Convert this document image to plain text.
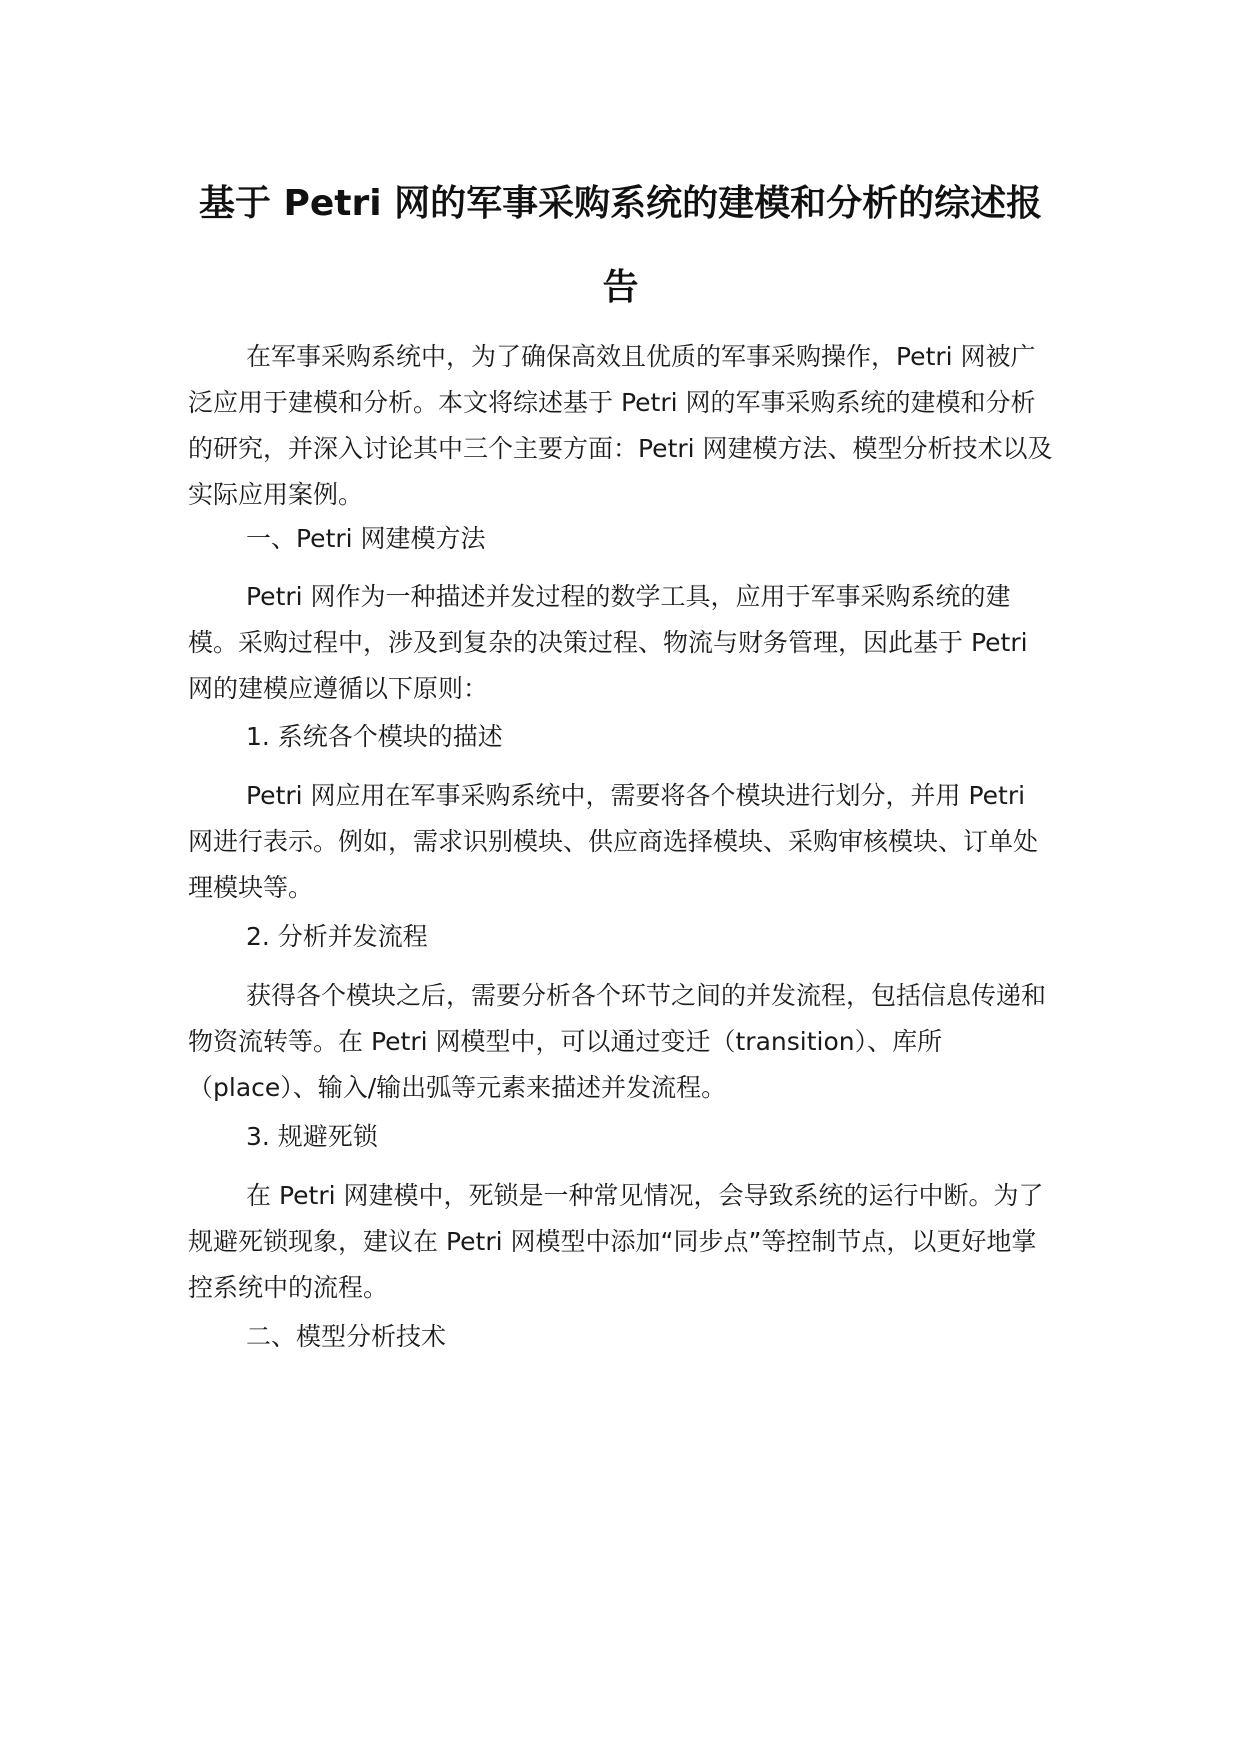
基于 Petri 网的军事采购系统的建模和分析的综述报
告

在军事采购系统中，为了确保高效且优质的军事采购操作，Petri 网被广泛应用于建模和分析。本文将综述基于 Petri 网的军事采购系统的建模和分析的研究，并深入讨论其中三个主要方面：Petri 网建模方法、模型分析技术以及实际应用案例。

一、Petri 网建模方法

Petri 网作为一种描述并发过程的数学工具，应用于军事采购系统的建模。采购过程中，涉及到复杂的决策过程、物流与财务管理，因此基于 Petri 网的建模应遵循以下原则：

1. 系统各个模块的描述

Petri 网应用在军事采购系统中，需要将各个模块进行划分，并用 Petri 网进行表示。例如，需求识别模块、供应商选择模块、采购审核模块、订单处理模块等。

2. 分析并发流程

获得各个模块之后，需要分析各个环节之间的并发流程，包括信息传递和物资流转等。在 Petri 网模型中，可以通过变迁（transition）、库所（place）、输入/输出弧等元素来描述并发流程。

3. 规避死锁

在 Petri 网建模中，死锁是一种常见情况，会导致系统的运行中断。为了规避死锁现象，建议在 Petri 网模型中添加“同步点”等控制节点，以更好地掌控系统中的流程。

二、模型分析技术
